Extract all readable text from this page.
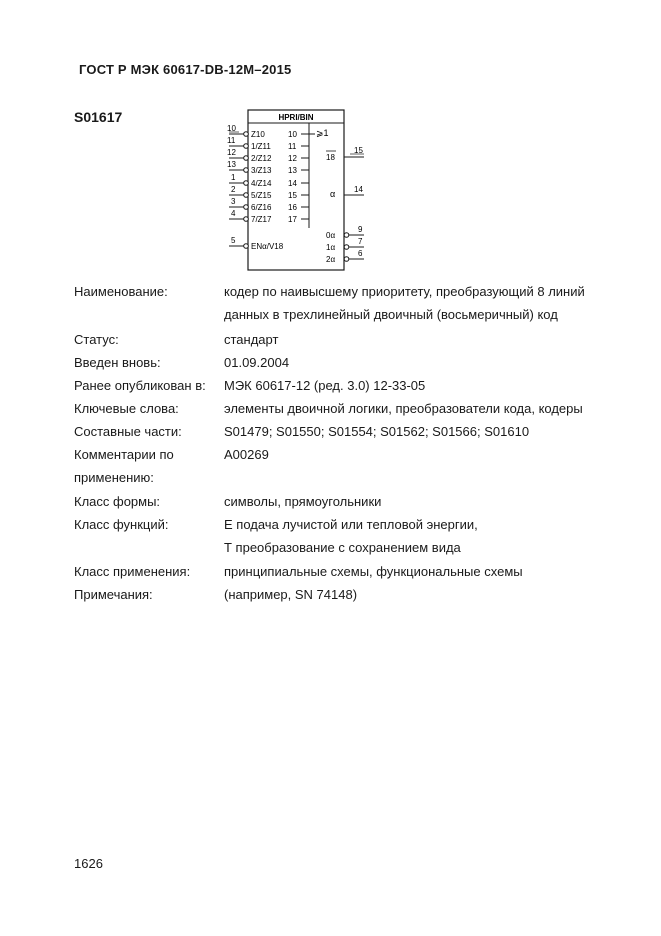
ГОСТ Р МЭК 60617-DB-12M–2015
S01617	HPRI/BIN
10
Z10	10
11
1/Z11 11
12
2/Z12 12
13
3/Z13 13
1
4/Z14 14
2
5/Z15 15
3
6/Z16 16
4
7/Z17 17
5
ENα/V18
⩾1
18
α
15
14
0α
9
1α
7
2α
6
Наименование:	кодер по наивысшему приоритету, преобразующий 8 линий
данных в трехлинейный двоичный (восьмеричный) код
Статус:	стандарт
Введен вновь:	01.09.2004
Ранее опубликован в:	МЭК 60617-12 (ред. 3.0) 12-33-05
Ключевые слова:	элементы двоичной логики, преобразователи кода, кодеры
Составные части:	S01479; S01550; S01554; S01562; S01566; S01610
Комментарии по
применению:
A00269
Класс формы:	символы, прямоугольники
Класс функций:	Е подача лучистой или тепловой энергии,
Т преобразование с сохранением вида
Класс применения:	принципиальные схемы, функциональные схемы
Примечания:	(например, SN 74148)
1626
